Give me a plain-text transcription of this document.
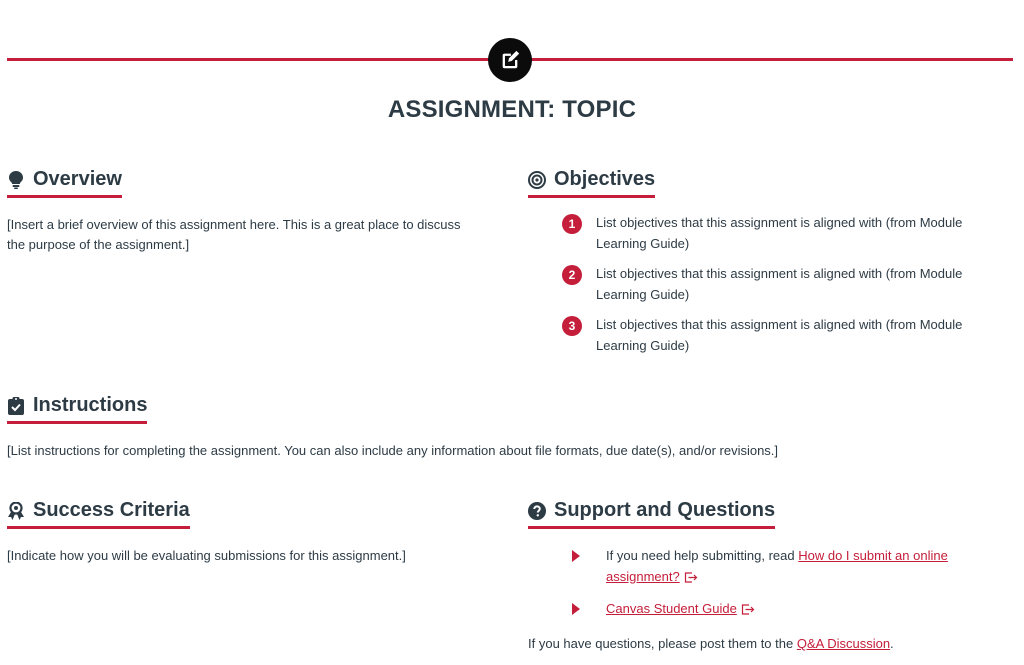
ASSIGNMENT: TOPIC
Overview
[Insert a brief overview of this assignment here. This is a great place to discuss
the purpose of the assignment.]
Objectives
1	List objectives that this assignment is aligned with (from Module
Learning Guide)
2	List objectives that this assignment is aligned with (from Module
Learning Guide)
3	List objectives that this assignment is aligned with (from Module
Learning Guide)
Instructions
[List instructions for completing the assignment. You can also include any information about file formats, due date(s), and/or revisions.]
Success Criteria
[Indicate how you will be evaluating submissions for this assignment.]
Support and Questions
If you need help submitting, read How do I submit an online
assignment?
Canvas Student Guide
If you have questions, please post them to the Q&A Discussion.
